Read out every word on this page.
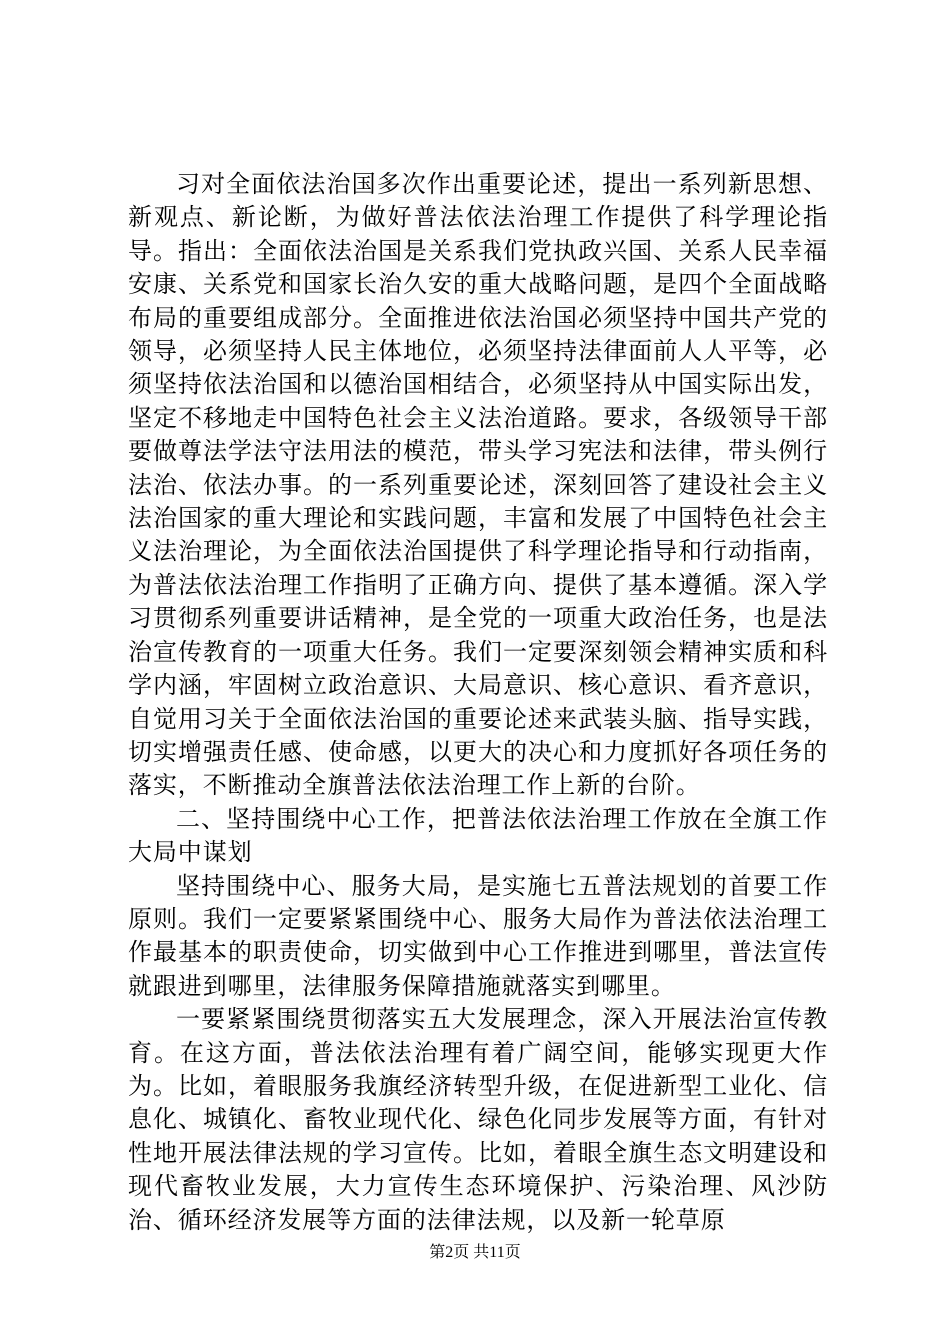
习对全面依法治国多次作出重要论述，提出一系列新思想、新观点、新论断，为做好普法依法治理工作提供了科学理论指导。指出：全面依法治国是关系我们党执政兴国、关系人民幸福安康、关系党和国家长治久安的重大战略问题，是四个全面战略布局的重要组成部分。全面推进依法治国必须坚持中国共产党的领导，必须坚持人民主体地位，必须坚持法律面前人人平等，必须坚持依法治国和以德治国相结合，必须坚持从中国实际出发，坚定不移地走中国特色社会主义法治道路。要求，各级领导干部要做尊法学法守法用法的模范，带头学习宪法和法律，带头例行法治、依法办事。的一系列重要论述，深刻回答了建设社会主义法治国家的重大理论和实践问题，丰富和发展了中国特色社会主义法治理论，为全面依法治国提供了科学理论指导和行动指南，为普法依法治理工作指明了正确方向、提供了基本遵循。深入学习贯彻系列重要讲话精神，是全党的一项重大政治任务，也是法治宣传教育的一项重大任务。我们一定要深刻领会精神实质和科学内涵，牢固树立政治意识、大局意识、核心意识、看齐意识，自觉用习关于全面依法治国的重要论述来武装头脑、指导实践，切实增强责任感、使命感，以更大的决心和力度抓好各项任务的落实，不断推动全旗普法依法治理工作上新的台阶。

二、坚持围绕中心工作，把普法依法治理工作放在全旗工作大局中谋划

坚持围绕中心、服务大局，是实施七五普法规划的首要工作原则。我们一定要紧紧围绕中心、服务大局作为普法依法治理工作最基本的职责使命，切实做到中心工作推进到哪里，普法宣传就跟进到哪里，法律服务保障措施就落实到哪里。

一要紧紧围绕贯彻落实五大发展理念，深入开展法治宣传教育。在这方面，普法依法治理有着广阔空间，能够实现更大作为。比如，着眼服务我旗经济转型升级，在促进新型工业化、信息化、城镇化、畜牧业现代化、绿色化同步发展等方面，有针对性地开展法律法规的学习宣传。比如，着眼全旗生态文明建设和现代畜牧业发展，大力宣传生态环境保护、污染治理、风沙防治、循环经济发展等方面的法律法规，以及新一轮草原

第2页 共11页
